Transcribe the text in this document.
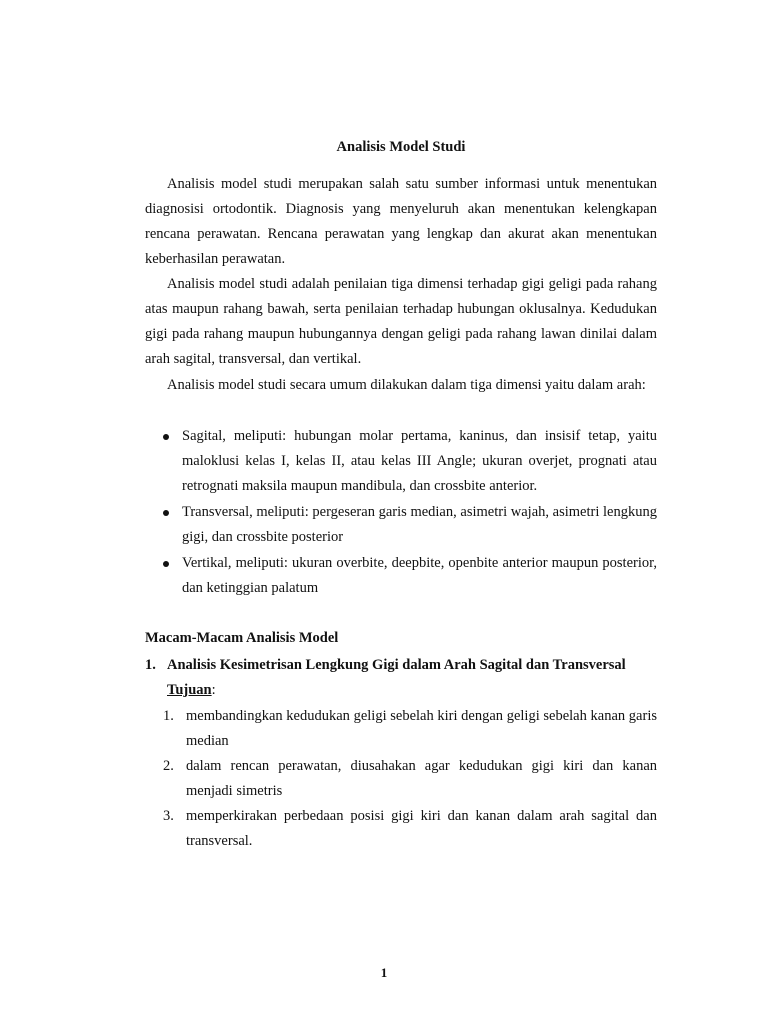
Analisis Model Studi

Analisis model studi merupakan salah satu sumber informasi untuk menentukan diagnosisi ortodontik. Diagnosis yang menyeluruh akan menentukan kelengkapan rencana perawatan. Rencana perawatan yang lengkap dan akurat akan menentukan keberhasilan perawatan.

Analisis model studi adalah penilaian tiga dimensi terhadap gigi geligi pada rahang atas maupun rahang bawah, serta penilaian terhadap hubungan oklusalnya. Kedudukan gigi pada rahang maupun hubungannya dengan geligi pada rahang lawan dinilai dalam arah sagital, transversal, dan vertikal.

Analisis model studi secara umum dilakukan dalam tiga dimensi yaitu dalam arah:

Sagital, meliputi: hubungan molar pertama, kaninus, dan insisif tetap, yaitu maloklusi kelas I, kelas II, atau kelas III Angle; ukuran overjet, prognati atau retrognati maksila maupun mandibula, dan crossbite anterior.
Transversal, meliputi: pergeseran garis median, asimetri wajah, asimetri lengkung gigi, dan crossbite posterior
Vertikal, meliputi: ukuran overbite, deepbite, openbite anterior maupun posterior, dan ketinggian palatum
Macam-Macam Analisis Model
1. Analisis Kesimetrisan Lengkung Gigi dalam Arah Sagital dan Transversal
Tujuan:
1. membandingkan kedudukan geligi sebelah kiri dengan geligi sebelah kanan garis median
2. dalam rencan perawatan, diusahakan agar kedudukan gigi kiri dan kanan menjadi simetris
3. memperkirakan perbedaan posisi gigi kiri dan kanan dalam arah sagital dan transversal.
1
